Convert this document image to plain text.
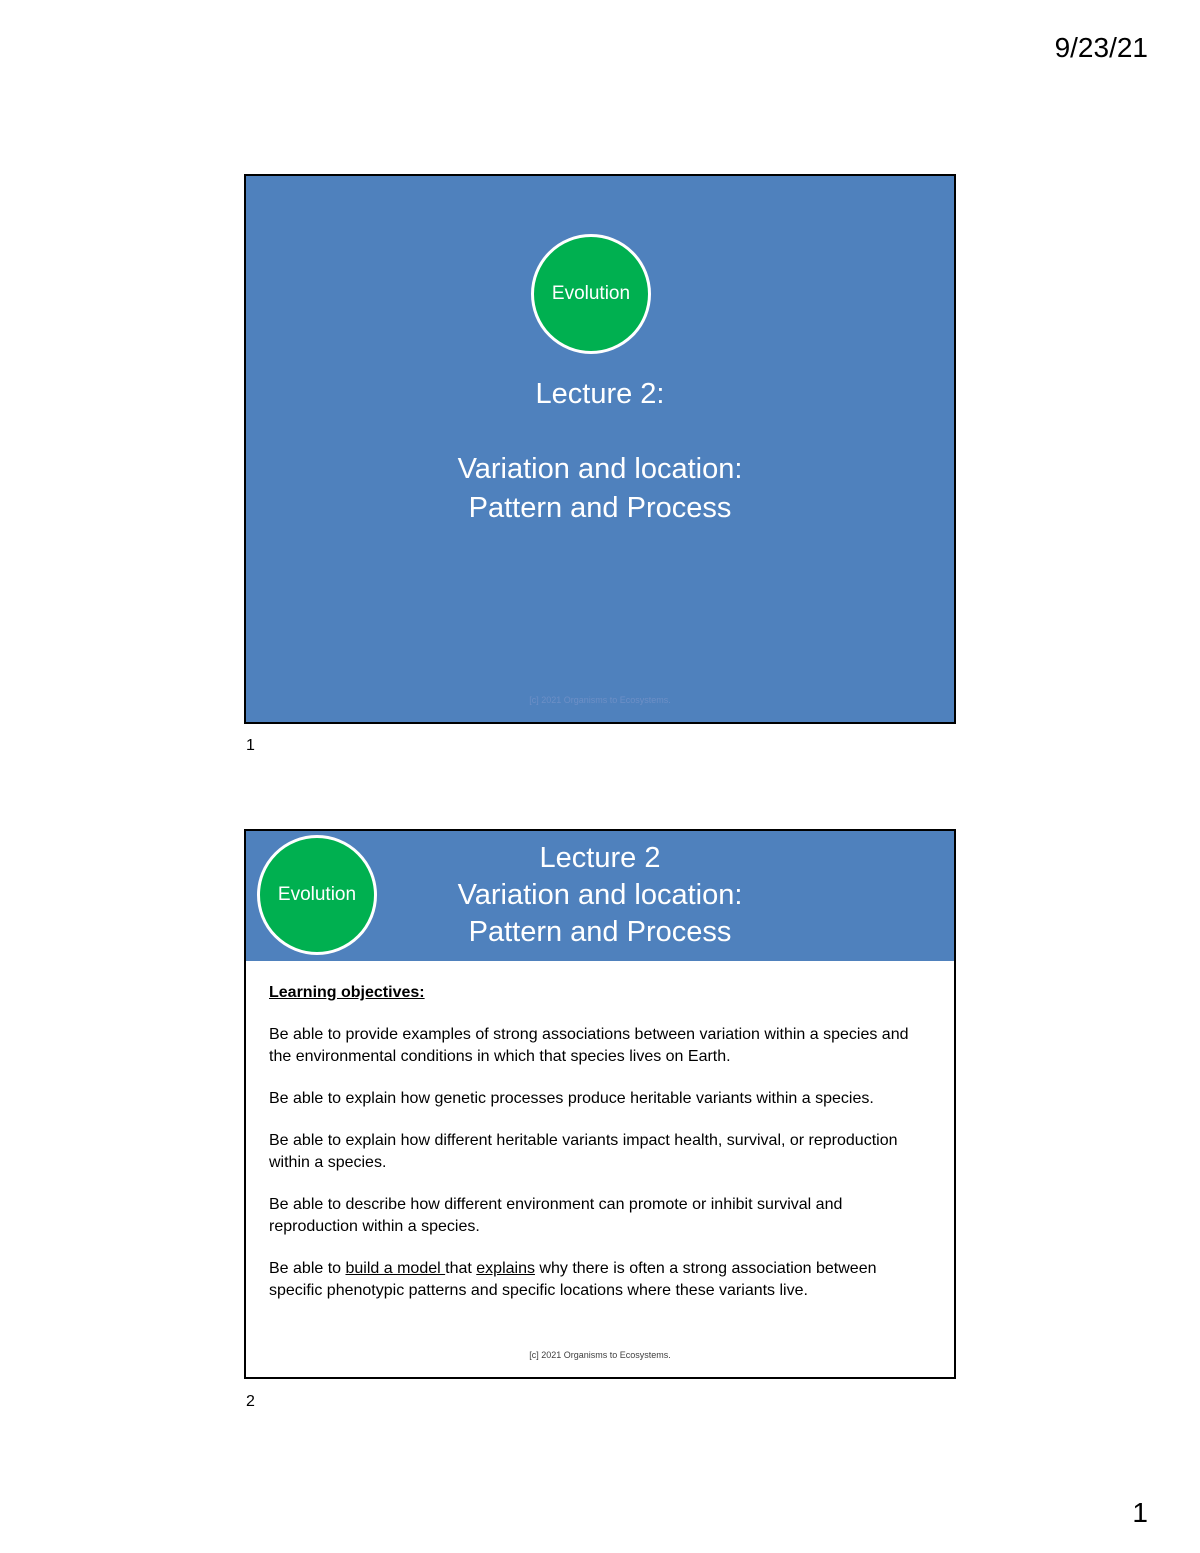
9/23/21
Evolution
Lecture 2:
Variation and location:
Pattern and Process
[c] 2021 Organisms to Ecosystems.
1
Lecture 2
Variation and location:
Pattern and Process
Evolution
Learning objectives:
Be able to provide examples of strong associations between variation within a species and the environmental conditions in which that species lives on Earth.
Be able to explain how genetic processes produce heritable variants within a species.
Be able to explain how different heritable variants impact health, survival, or reproduction within a species.
Be able to describe how different environment can promote or inhibit survival and reproduction within a species.
Be able to build a model that explains why there is often a strong association between specific phenotypic patterns and specific locations where these variants live.
[c] 2021 Organisms to Ecosystems.
2
1
